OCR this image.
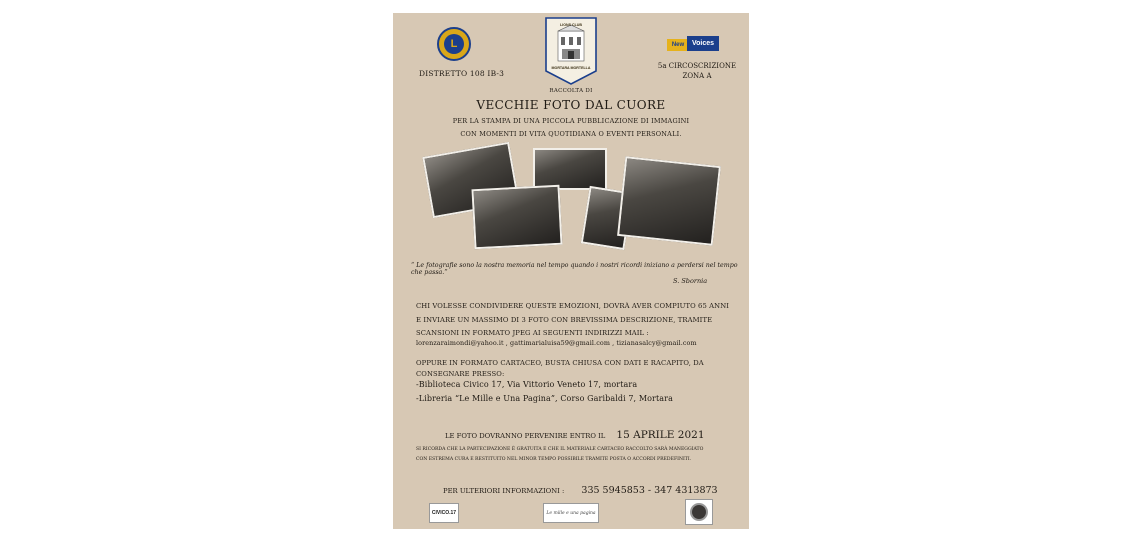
L
DISTRETTO 108 IB-3
LIONS CLUB
MORTARA MORTELLA
New	Voices
5a CIRCOSCRIZIONE
ZONA A
RACCOLTA DI
VECCHIE FOTO DAL CUORE
PER LA STAMPA DI UNA PICCOLA PUBBLICAZIONE DI IMMAGINI
CON MOMENTI DI VITA QUOTIDIANA O EVENTI PERSONALI.
“ Le fotografie sono la nostra memoria nel tempo quando i nostri ricordi iniziano a perdersi nel tempo che passa.”
S. Sbornia
CHI VOLESSE CONDIVIDERE QUESTE EMOZIONI, DOVRÀ AVER COMPIUTO 65 ANNI
E INVIARE UN MASSIMO DI 3 FOTO CON BREVISSIMA DESCRIZIONE, TRAMITE
SCANSIONI IN FORMATO JPEG AI SEGUENTI INDIRIZZI MAIL :
lorenzaraimondi@yahoo.it , gattimarialuisa59@gmail.com , tizianasalcy@gmail.com
OPPURE IN FORMATO CARTACEO, BUSTA CHIUSA CON DATI E RACAPITO, DA
CONSEGNARE PRESSO:
-Biblioteca Civico 17, Via Vittorio Veneto 17, mortara
-Libreria “Le Mille e Una Pagina”, Corso Garibaldi 7, Mortara
LE FOTO DOVRANNO PERVENIRE ENTRO IL 15 APRILE 2021
SI RICORDA CHE LA PARTECIPAZIONE È GRATUITA E CHE IL MATERIALE CARTACEO RACCOLTO SARÀ MANEGGIATO
CON ESTREMA CURA E RESTITUITO NEL MINOR TEMPO POSSIBILE TRAMITE POSTA O ACCORDI PREDEFINITI.
PER ULTERIORI INFORMAZIONI : 335 5945853 - 347 4313873
CIVICO.17	Le mille e una pagina
